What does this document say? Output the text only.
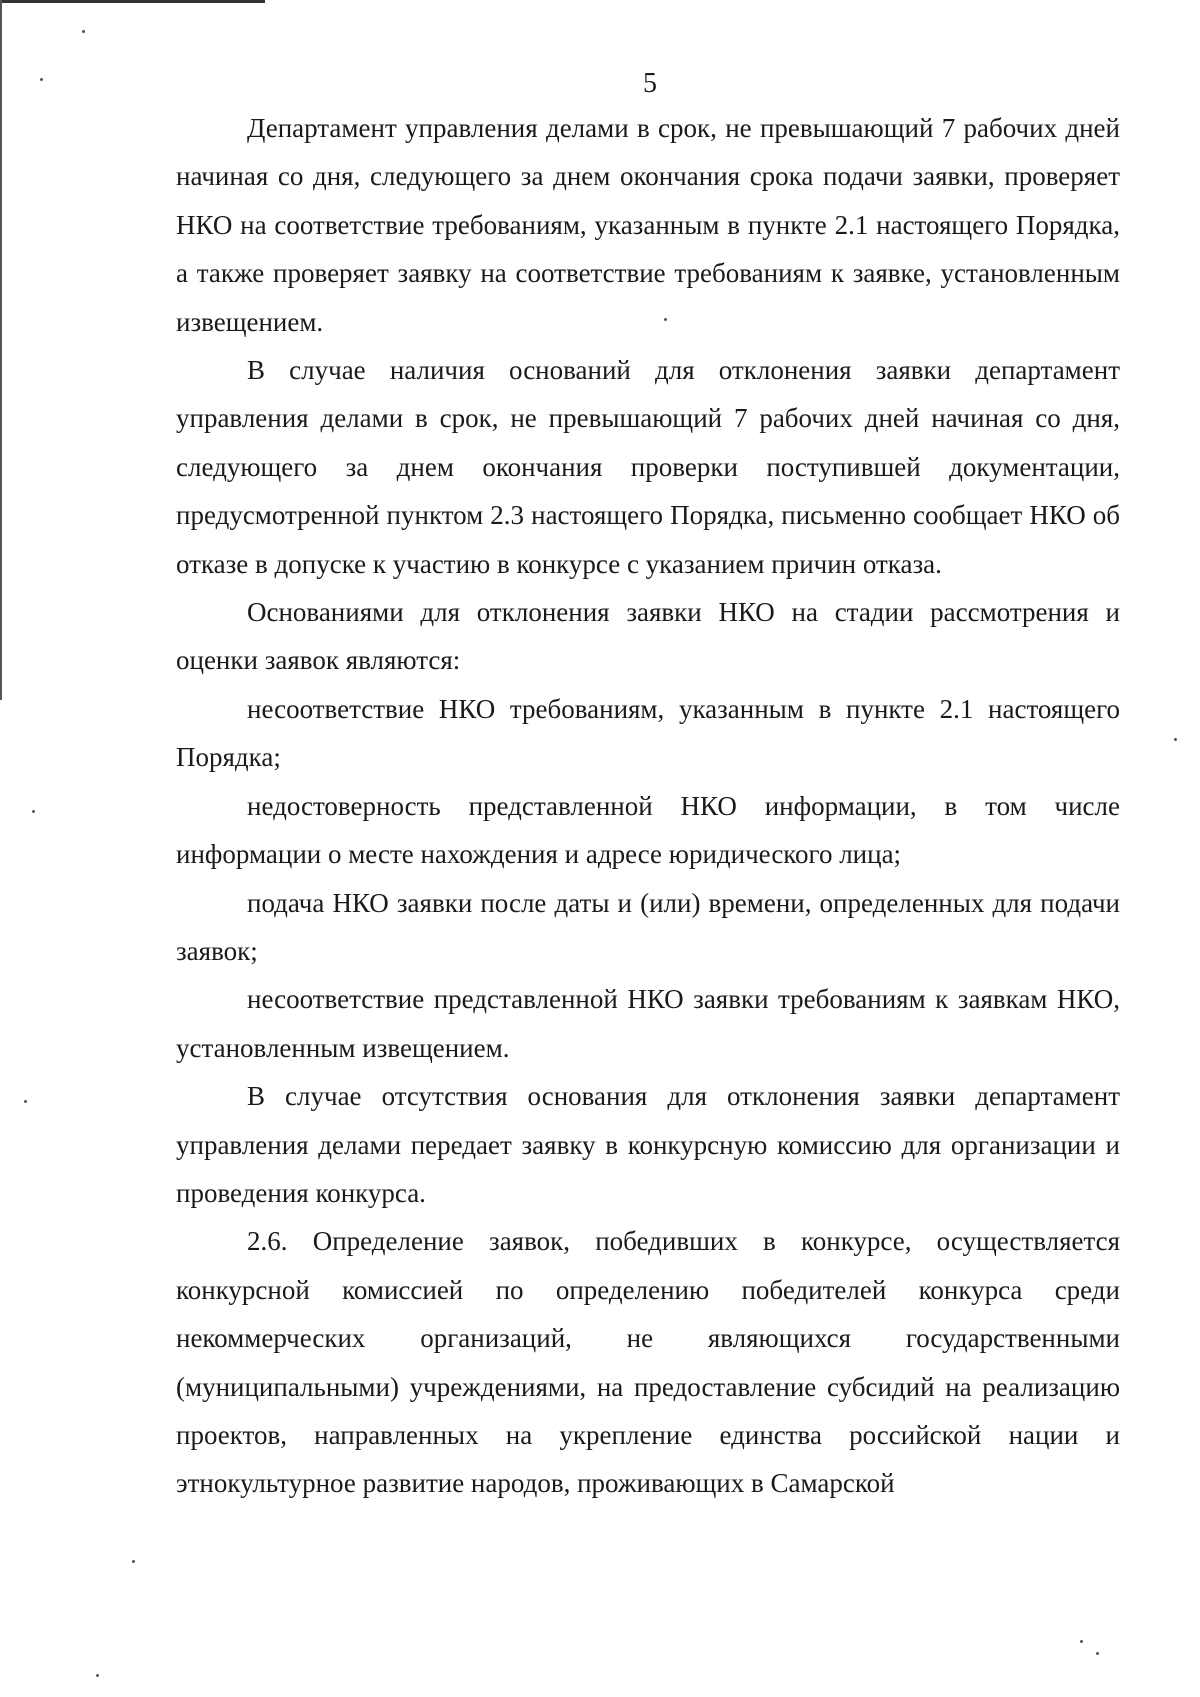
5

Департамент управления делами в срок, не превышающий 7 рабочих дней начиная со дня, следующего за днем окончания срока подачи заявки, проверяет НКО на соответствие требованиям, указанным в пункте 2.1 настоящего Порядка, а также проверяет заявку на соответствие требованиям к заявке, установленным извещением.

В случае наличия оснований для отклонения заявки департамент управления делами в срок, не превышающий 7 рабочих дней начиная со дня, следующего за днем окончания проверки поступившей документации, предусмотренной пунктом 2.3 настоящего Порядка, письменно сообщает НКО об отказе в допуске к участию в конкурсе с указанием причин отказа.

Основаниями для отклонения заявки НКО на стадии рассмотрения и оценки заявок являются:

несоответствие НКО требованиям, указанным в пункте 2.1 настоящего Порядка;

недостоверность представленной НКО информации, в том числе информации о месте нахождения и адресе юридического лица;

подача НКО заявки после даты и (или) времени, определенных для подачи заявок;

несоответствие представленной НКО заявки требованиям к заявкам НКО, установленным извещением.

В случае отсутствия основания для отклонения заявки департамент управления делами передает заявку в конкурсную комиссию для организации и проведения конкурса.

2.6. Определение заявок, победивших в конкурсе, осуществляется конкурсной комиссией по определению победителей конкурса среди некоммерческих организаций, не являющихся государственными (муниципальными) учреждениями, на предоставление субсидий на реализацию проектов, направленных на укрепление единства российской нации и этнокультурное развитие народов, проживающих в Самарской
